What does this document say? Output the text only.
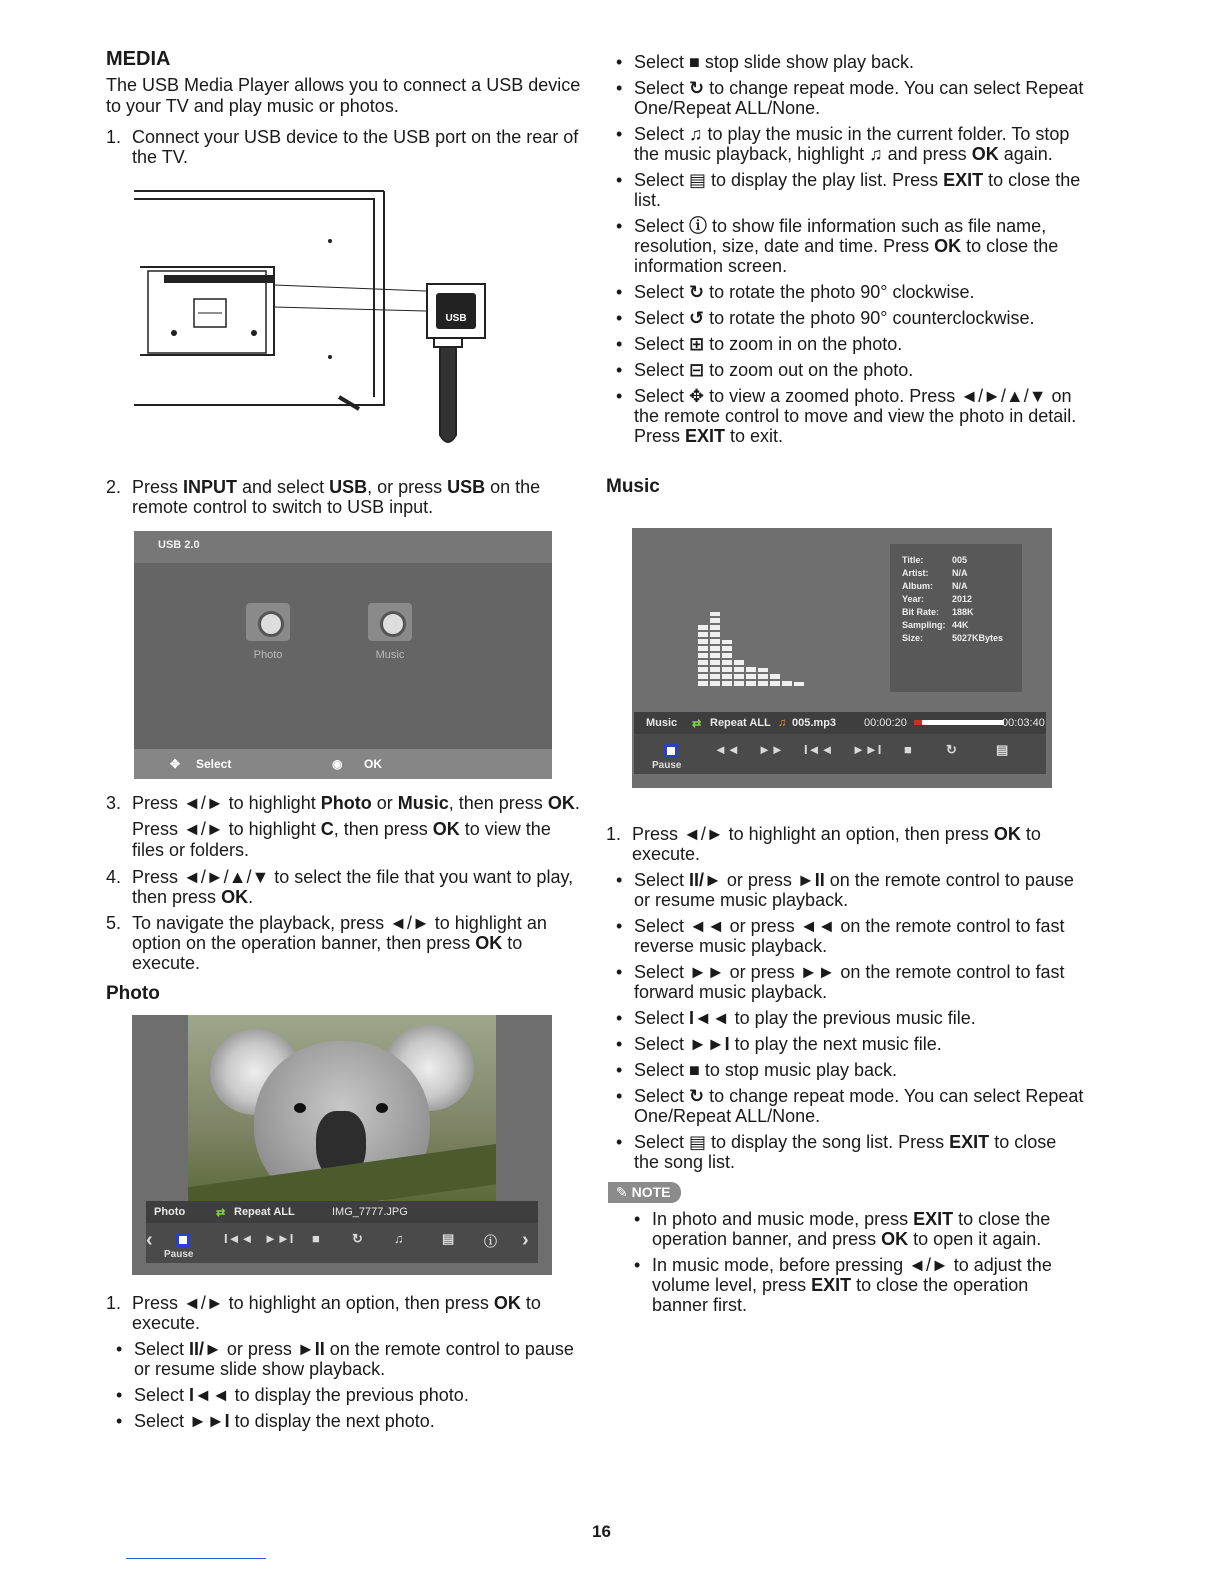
MEDIA

The USB Media Player allows you to connect a USB device to your TV and play music or photos.

1. Connect your USB device to the USB port on the rear of the TV.
USB
2. Press INPUT and select USB, or press USB on the remote control to switch to USB input.
USB 2.0
Photo	Music
✥ Select	◉ OK
3. Press ◄/► to highlight Photo or Music, then press OK.
Press ◄/► to highlight C, then press OK to view the files or folders.
4. Press ◄/►/▲/▼ to select the file that you want to play, then press OK.
5. To navigate the playback, press ◄/► to highlight an option on the operation banner, then press OK to execute.
Photo
Photo	⇄ Repeat ALL	IMG_7777.JPG
‹
Pause
I◄◄ ►►I ■ ↻ ♫	▤ ⓘ ›
1. Press ◄/► to highlight an option, then press OK to execute.
• Select II/► or press ►II on the remote control to pause or resume slide show playback.
• Select I◄◄ to display the previous photo.
• Select ►►I to display the next photo.
• Select ■ stop slide show play back.
• Select ↻ to change repeat mode. You can select Repeat One/Repeat ALL/None.
• Select ♫ to play the music in the current folder. To stop the music playback, highlight ♫ and press OK again.
• Select ▤ to display the play list. Press EXIT to close the list.
• Select ⓘ to show file information such as file name, resolution, size, date and time. Press OK to close the information screen.
• Select ↻ to rotate the photo 90° clockwise.
• Select ↺ to rotate the photo 90° counterclockwise.
• Select ⊞ to zoom in on the photo.
• Select ⊟ to zoom out on the photo.
• Select ✥ to view a zoomed photo. Press ◄/►/▲/▼ on the remote control to move and view the photo in detail. Press EXIT to exit.
Music
Title:	005
Artist:	N/A
Album:	N/A
Year:	2012
Bit Rate:	188K
Sampling: 44K
Size:	5027KBytes
Music ⇄ Repeat ALL ♫ 005.mp3	00:00:20	00:03:40
Pause
◄◄ ►► I◄◄ ►►I ■	↻	▤
1. Press ◄/► to highlight an option, then press OK to execute.
• Select II/► or press ►II on the remote control to pause or resume music playback.
• Select ◄◄ or press ◄◄ on the remote control to fast reverse music playback.
• Select ►► or press ►► on the remote control to fast forward music playback.
• Select I◄◄ to play the previous music file.
• Select ►►I to play the next music file.
• Select ■ to stop music play back.
• Select ↻ to change repeat mode. You can select Repeat One/Repeat ALL/None.
• Select ▤ to display the song list. Press EXIT to close the song list.
✎ NOTE
• In photo and music mode, press EXIT to close the operation banner, and press OK to open it again.
• In music mode, before pressing ◄/► to adjust the volume level, press EXIT to close the operation banner first.
16
